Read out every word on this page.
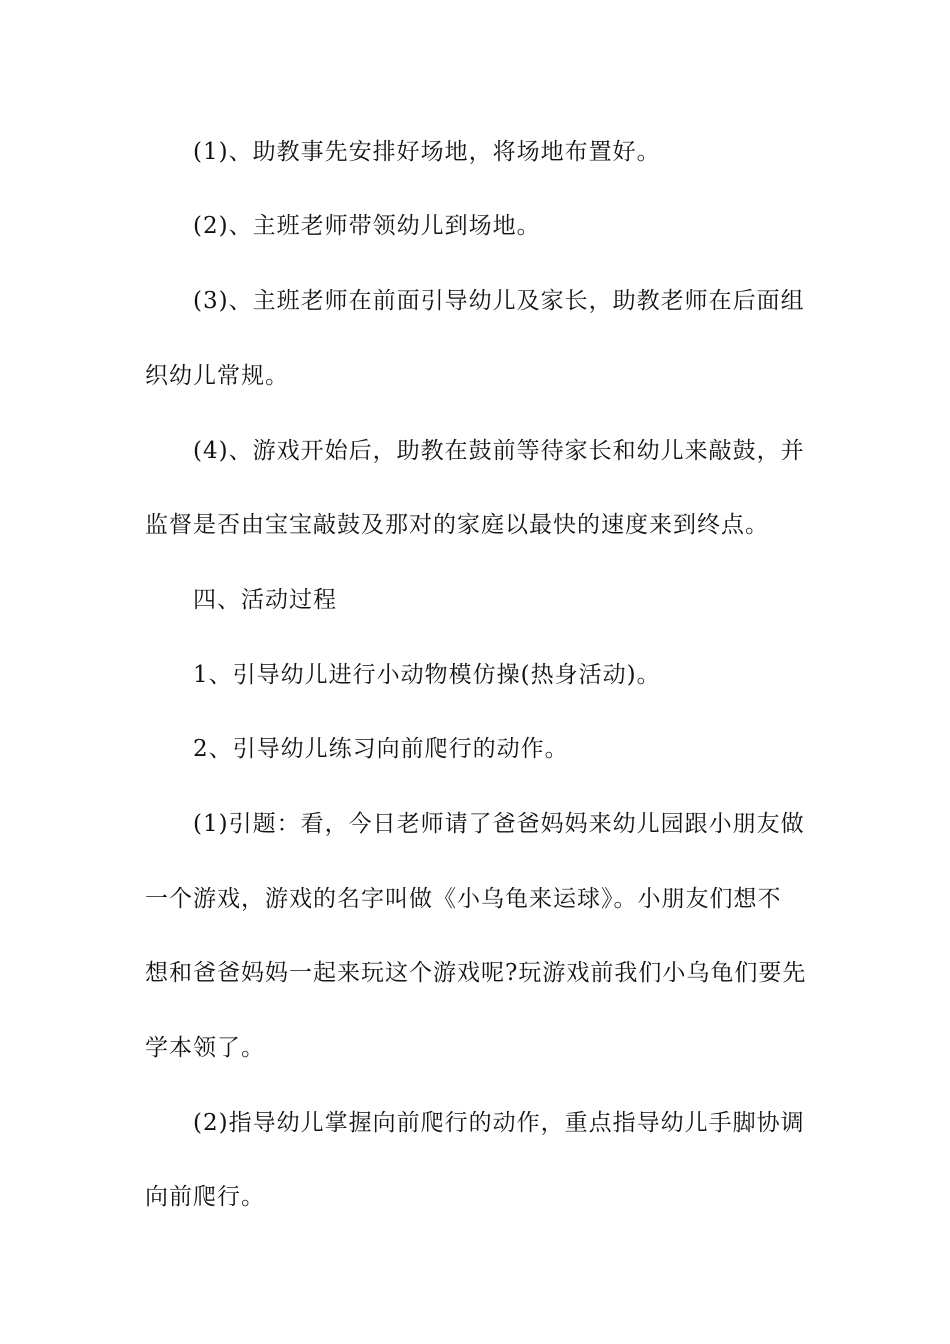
(1)、助教事先安排好场地，将场地布置好。
(2)、主班老师带领幼儿到场地。
(3)、主班老师在前面引导幼儿及家长，助教老师在后面组
织幼儿常规。
(4)、游戏开始后，助教在鼓前等待家长和幼儿来敲鼓，并
监督是否由宝宝敲鼓及那对的家庭以最快的速度来到终点。
四、活动过程
1、引导幼儿进行小动物模仿操(热身活动)。
2、引导幼儿练习向前爬行的动作。
(1)引题：看，今日老师请了爸爸妈妈来幼儿园跟小朋友做
一个游戏，游戏的名字叫做《小乌龟来运球》。小朋友们想不
想和爸爸妈妈一起来玩这个游戏呢?玩游戏前我们小乌龟们要先
学本领了。
(2)指导幼儿掌握向前爬行的动作，重点指导幼儿手脚协调
向前爬行。
